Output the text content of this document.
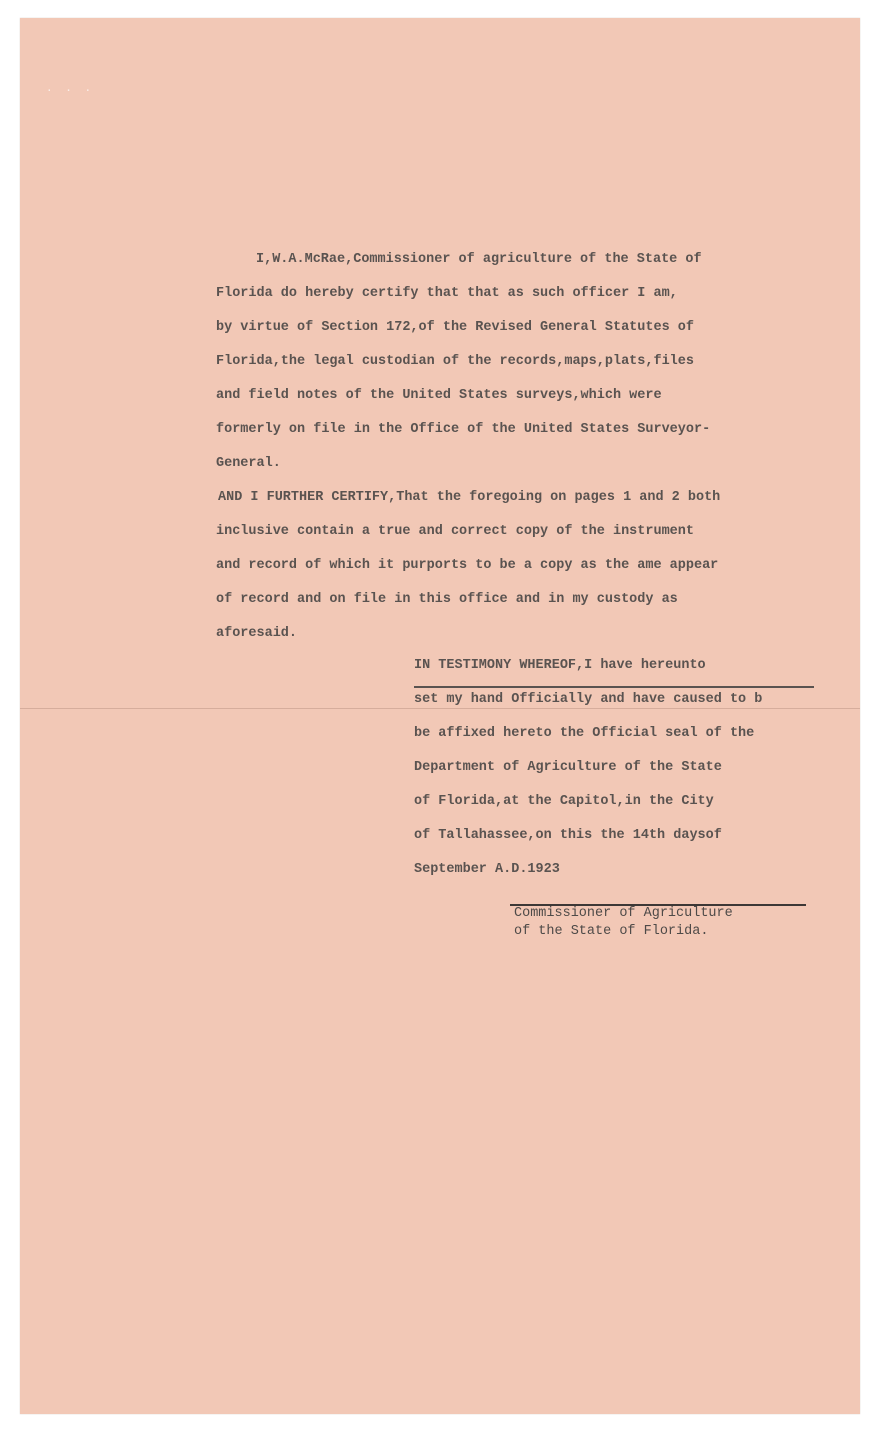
· · ·

I,W.A.McRae,Commissioner of agriculture of the State of

Florida do hereby certify that that as such officer I am,

by virtue of Section 172,of the Revised General Statutes of

Florida,the legal custodian of the records,maps,plats,files

and field notes of the United States surveys,which were

formerly on file in the Office of the United States Surveyor-

General.

AND I FURTHER CERTIFY,That the foregoing on pages 1 and 2 both

inclusive contain a true and correct copy of the instrument

and record of which it purports to be a copy as the ame appear

of record and on file in this office and in my custody as

aforesaid.

IN TESTIMONY WHEREOF,I have hereunto

set my hand Officially and have caused to b

be affixed hereto the Official seal of the

Department of Agriculture of the State

of Florida,at the Capitol,in the City

of Tallahassee,on this the 14th daysof

September A.D.1923

Commissioner of Agriculture

of the State of Florida.
